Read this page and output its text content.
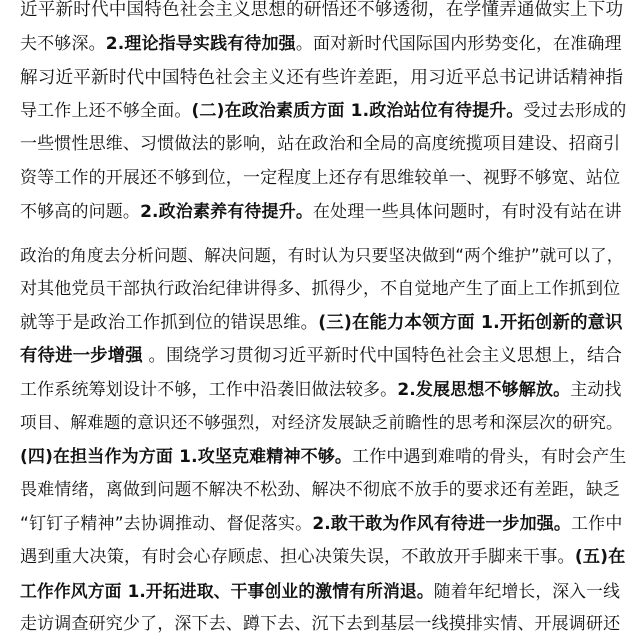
近平新时代中国特色社会主义思想的研悟还不够透彻，在学懂弄通做实上下功
夫不够深。2.理论指导实践有待加强。面对新时代国际国内形势变化，在准确理
解习近平新时代中国特色社会主义还有些许差距，用习近平总书记讲话精神指
导工作上还不够全面。(二)在政治素质方面 1.政治站位有待提升。受过去形成的
一些惯性思维、习惯做法的影响，站在政治和全局的高度统揽项目建设、招商引
资等工作的开展还不够到位，一定程度上还存有思维较单一、视野不够宽、站位
不够高的问题。2.政治素养有待提升。在处理一些具体问题时，有时没有站在讲
政治的角度去分析问题、解决问题，有时认为只要坚决做到“两个维护”就可以了，
对其他党员干部执行政治纪律讲得多、抓得少，不自觉地产生了面上工作抓到位
就等于是政治工作抓到位的错误思维。(三)在能力本领方面 1.开拓创新的意识
有待进一步增强 。围绕学习贯彻习近平新时代中国特色社会主义思想上，结合
工作系统筹划设计不够，工作中沿袭旧做法较多。2.发展思想不够解放。主动找
项目、解难题的意识还不够强烈，对经济发展缺乏前瞻性的思考和深层次的研究。
(四)在担当作为方面 1.攻坚克难精神不够。工作中遇到难啃的骨头，有时会产生
畏难情绪，离做到问题不解决不松劲、解决不彻底不放手的要求还有差距，缺乏
“钉钉子精神”去协调推动、督促落实。2.敢干敢为作风有待进一步加强。工作中
遇到重大决策，有时会心存顾虑、担心决策失误，不敢放开手脚来干事。(五)在
工作作风方面 1.开拓进取、干事创业的激情有所消退。随着年纪增长，深入一线
走访调查研究少了，深下去、蹲下去、沉下去到基层一线摸排实情、开展调研还
